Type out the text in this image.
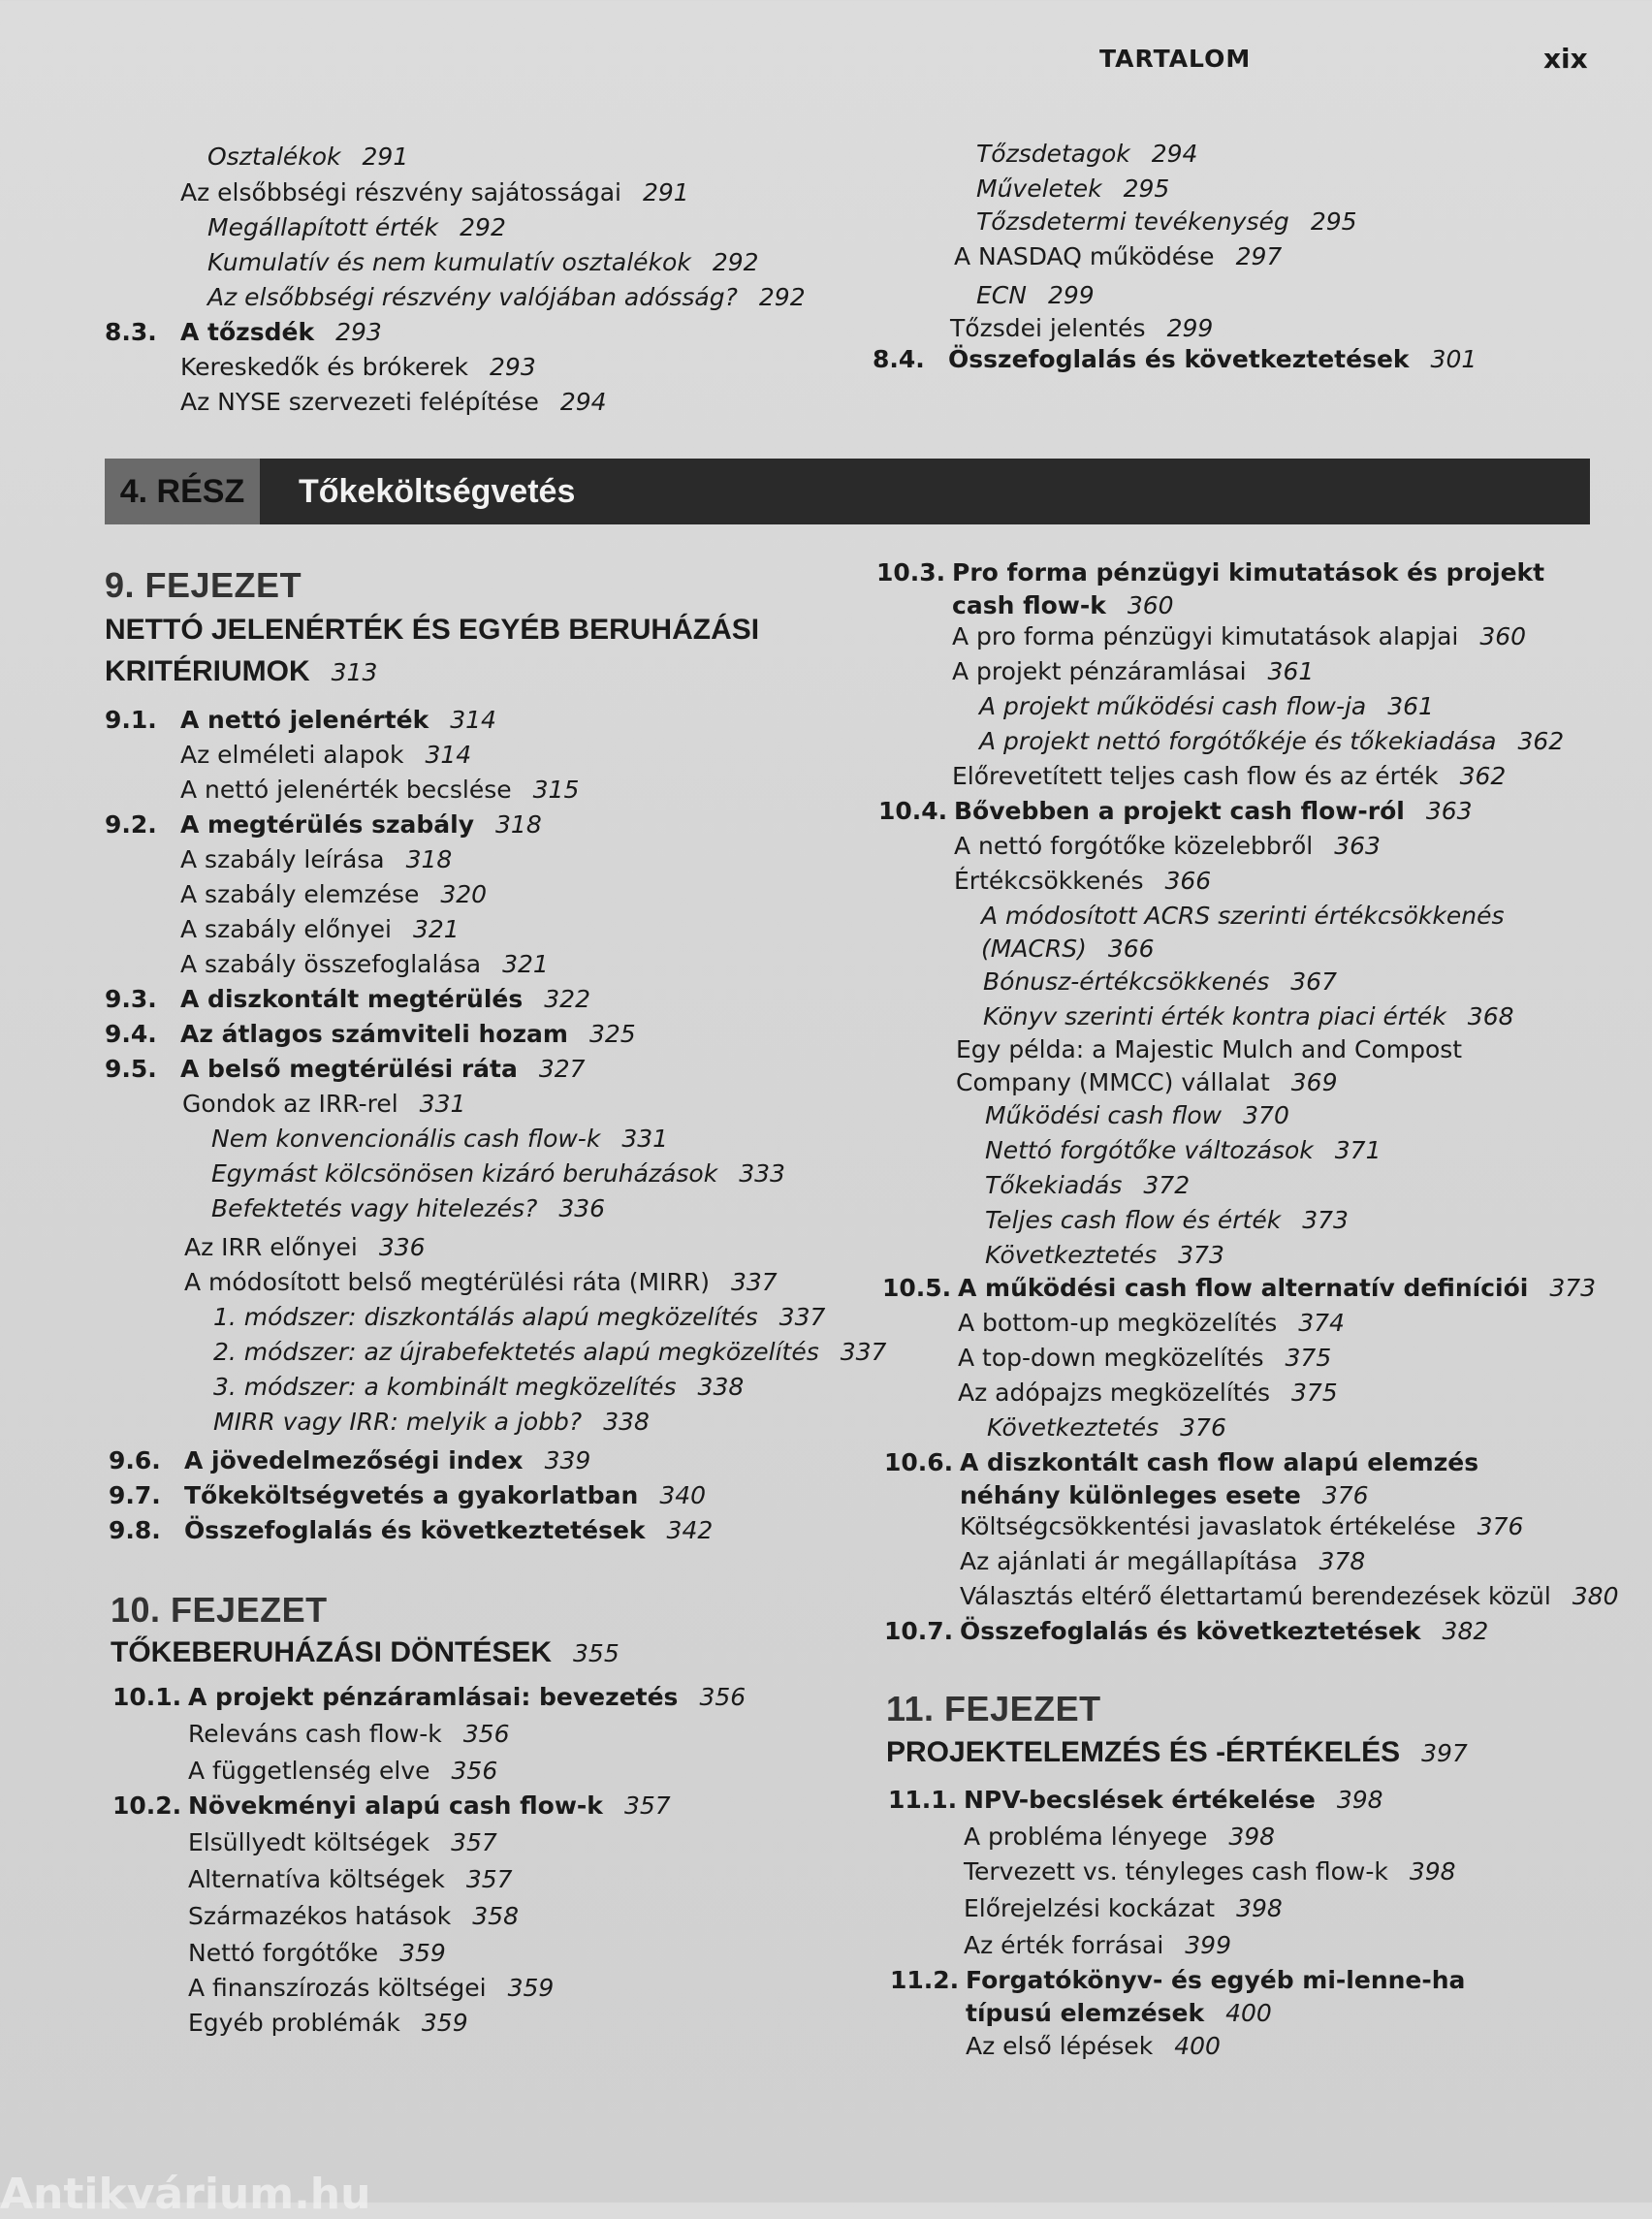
TARTALOM	xix
Osztalékok 291
Az elsőbbségi részvény sajátosságai 291
Megállapított érték 292
Kumulatív és nem kumulatív osztalékok 292
Az elsőbbségi részvény valójában adósság? 292
8.3. A tőzsdék 293
Kereskedők és brókerek 293
Az NYSE szervezeti felépítése 294
Tőzsdetagok 294
Műveletek 295
Tőzsdetermi tevékenység 295
A NASDAQ működése 297
ECN 299
Tőzsdei jelentés 299
8.4. Összefoglalás és következtetések 301
4. RÉSZ	Tőkeköltségvetés
9. FEJEZET
NETTÓ JELENÉRTÉK ÉS EGYÉB BERUHÁZÁSI
KRITÉRIUMOK 313
9.1. A nettó jelenérték 314
Az elméleti alapok 314
A nettó jelenérték becslése 315
9.2. A megtérülés szabály 318
A szabály leírása 318
A szabály elemzése 320
A szabály előnyei 321
A szabály összefoglalása 321
9.3. A diszkontált megtérülés 322
9.4. Az átlagos számviteli hozam 325
9.5. A belső megtérülési ráta 327
Gondok az IRR-rel 331
Nem konvencionális cash flow-k 331
Egymást kölcsönösen kizáró beruházások 333
Befektetés vagy hitelezés? 336
Az IRR előnyei 336
A módosított belső megtérülési ráta (MIRR) 337
1. módszer: diszkontálás alapú megközelítés 337
2. módszer: az újrabefektetés alapú megközelítés 337
3. módszer: a kombinált megközelítés 338
MIRR vagy IRR: melyik a jobb? 338
9.6. A jövedelmezőségi index 339
9.7. Tőkeköltségvetés a gyakorlatban 340
9.8. Összefoglalás és következtetések 342
10. FEJEZET
TŐKEBERUHÁZÁSI DÖNTÉSEK 355
10.1. A projekt pénzáramlásai: bevezetés 356
Releváns cash flow-k 356
A függetlenség elve 356
10.2. Növekményi alapú cash flow-k 357
Elsüllyedt költségek 357
Alternatíva költségek 357
Származékos hatások 358
Nettó forgótőke 359
A finanszírozás költségei 359
Egyéb problémák 359
10.3. Pro forma pénzügyi kimutatások és projekt cash flow-k 360
A pro forma pénzügyi kimutatások alapjai 360
A projekt pénzáramlásai 361
A projekt működési cash flow-ja 361
A projekt nettó forgótőkéje és tőkekiadása 362
Előrevetített teljes cash flow és az érték 362
10.4. Bővebben a projekt cash flow-ról 363
A nettó forgótőke közelebbről 363
Értékcsökkenés 366
A módosított ACRS szerinti értékcsökkenés (MACRS) 366
Bónusz-értékcsökkenés 367
Könyv szerinti érték kontra piaci érték 368
Egy példa: a Majestic Mulch and Compost Company (MMCC) vállalat 369
Működési cash flow 370
Nettó forgótőke változások 371
Tőkekiadás 372
Teljes cash flow és érték 373
Következtetés 373
10.5. A működési cash flow alternatív definíciói 373
A bottom-up megközelítés 374
A top-down megközelítés 375
Az adópajzs megközelítés 375
Következtetés 376
10.6. A diszkontált cash flow alapú elemzés néhány különleges esete 376
Költségcsökkentési javaslatok értékelése 376
Az ajánlati ár megállapítása 378
Választás eltérő élettartamú berendezések közül 380
10.7. Összefoglalás és következtetések 382
11. FEJEZET
PROJEKTELEMZÉS ÉS -ÉRTÉKELÉS 397
11.1. NPV-becslések értékelése 398
A probléma lényege 398
Tervezett vs. tényleges cash flow-k 398
Előrejelzési kockázat 398
Az érték forrásai 399
11.2. Forgatókönyv- és egyéb mi-lenne-ha típusú elemzések 400
Az első lépések 400
Antikvárium.hu
